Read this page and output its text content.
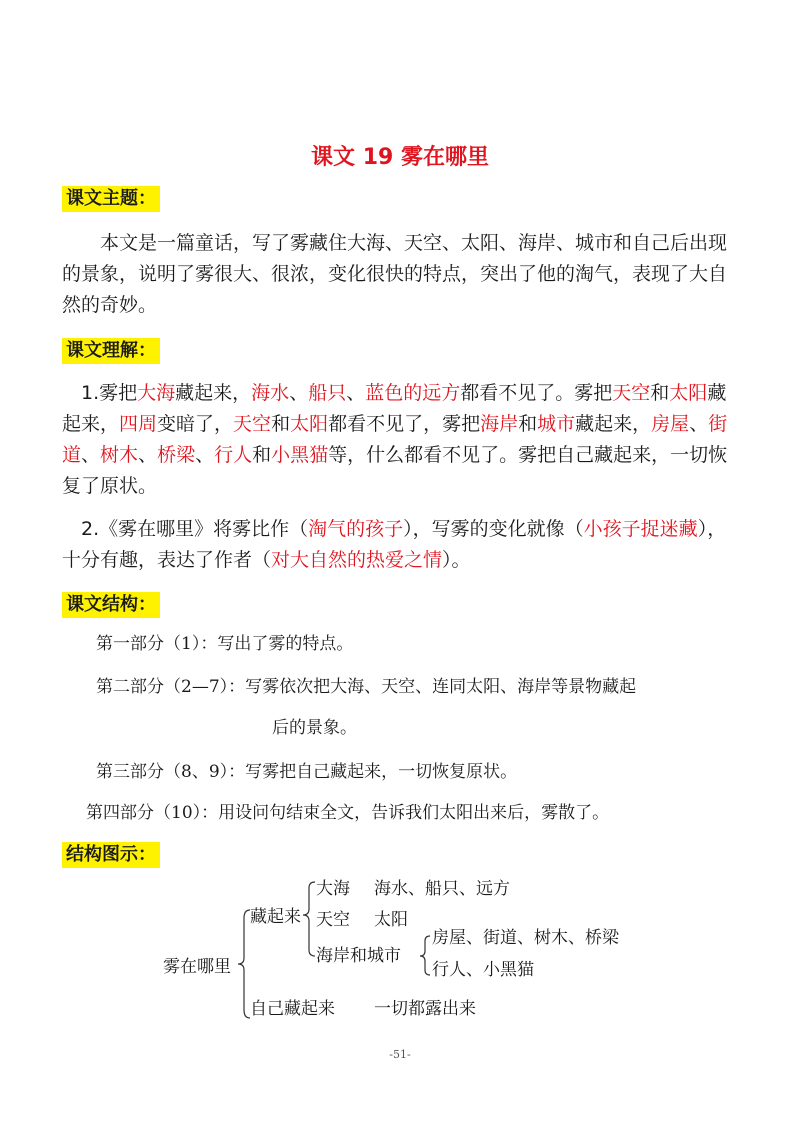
课文 19 雾在哪里
课文主题：
本文是一篇童话，写了雾藏住大海、天空、太阳、海岸、城市和自己后出现的景象，说明了雾很大、很浓，变化很快的特点，突出了他的淘气，表现了大自然的奇妙。
课文理解：
1.雾把大海藏起来，海水、船只、蓝色的远方都看不见了。雾把天空和太阳藏起来，四周变暗了，天空和太阳都看不见了，雾把海岸和城市藏起来，房屋、街道、树木、桥梁、行人和小黑猫等，什么都看不见了。雾把自己藏起来，一切恢复了原状。
2.《雾在哪里》将雾比作（淘气的孩子），写雾的变化就像（小孩子捉迷藏），十分有趣，表达了作者（对大自然的热爱之情）。
课文结构：
第一部分（1）：写出了雾的特点。
第二部分（2—7）：写雾依次把大海、天空、连同太阳、海岸等景物藏起
后的景象。
第三部分（8、9）：写雾把自己藏起来，一切恢复原状。
第四部分（10）：用设问句结束全文，告诉我们太阳出来后，雾散了。
结构图示：
雾在哪里
藏起来
大海 海水、船只、远方
天空 太阳
海岸和城市
房屋、街道、树木、桥梁
行人、小黑猫
自己藏起来 一切都露出来
-51-
